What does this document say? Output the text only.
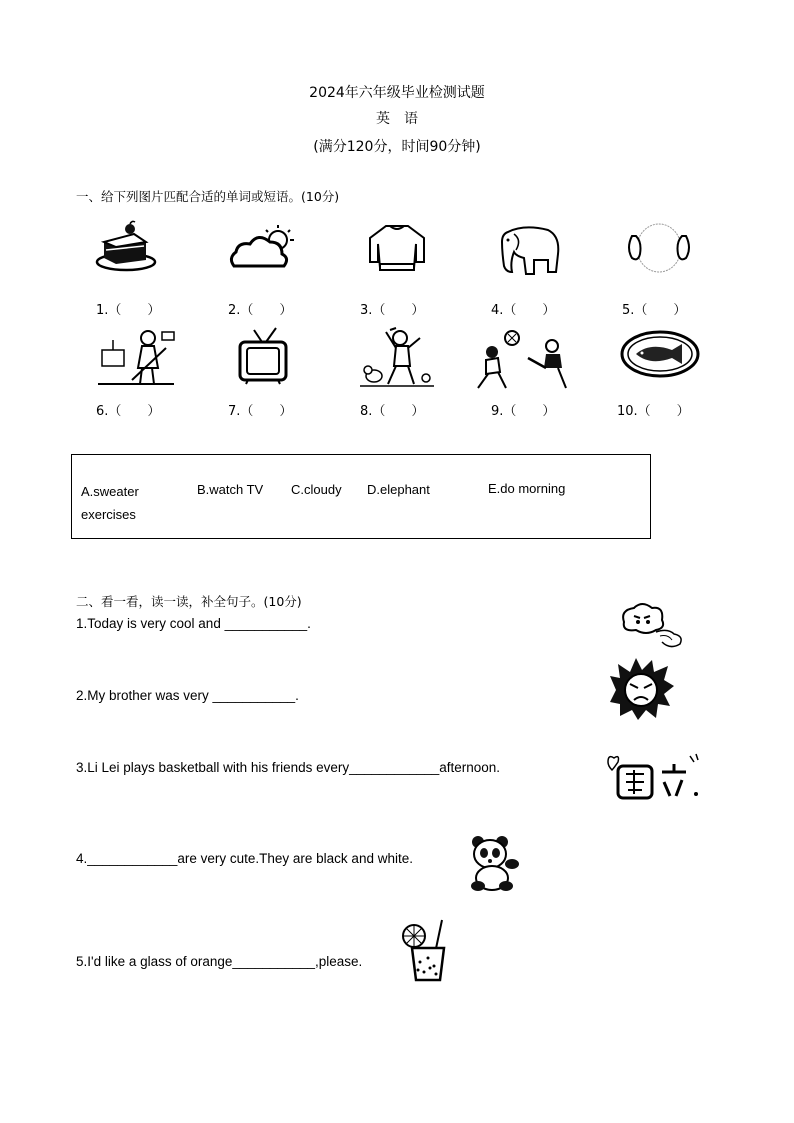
2024年六年级毕业检测试题
英　语
(满分120分，时间90分钟)
一、给下列图片匹配合适的单词或短语。(10分)
1.（　　）	2.（　　）	3.（　　）	4.（　　）	5.（　　）
6.（　　）	7.（　　）	8.（　　）	9.（　　）	10.（　　）
A.sweater
exercises
B.watch TV C.cloudy D.elephant	E.do morning
二、看一看，读一读，补全句子。(10分)
1.Today is very cool and ___________.
2.My brother was very ___________.
3.Li Lei plays basketball with his friends every____________afternoon.
4.____________are very cute.They are black and white.
5.I'd like a glass of orange___________,please.
